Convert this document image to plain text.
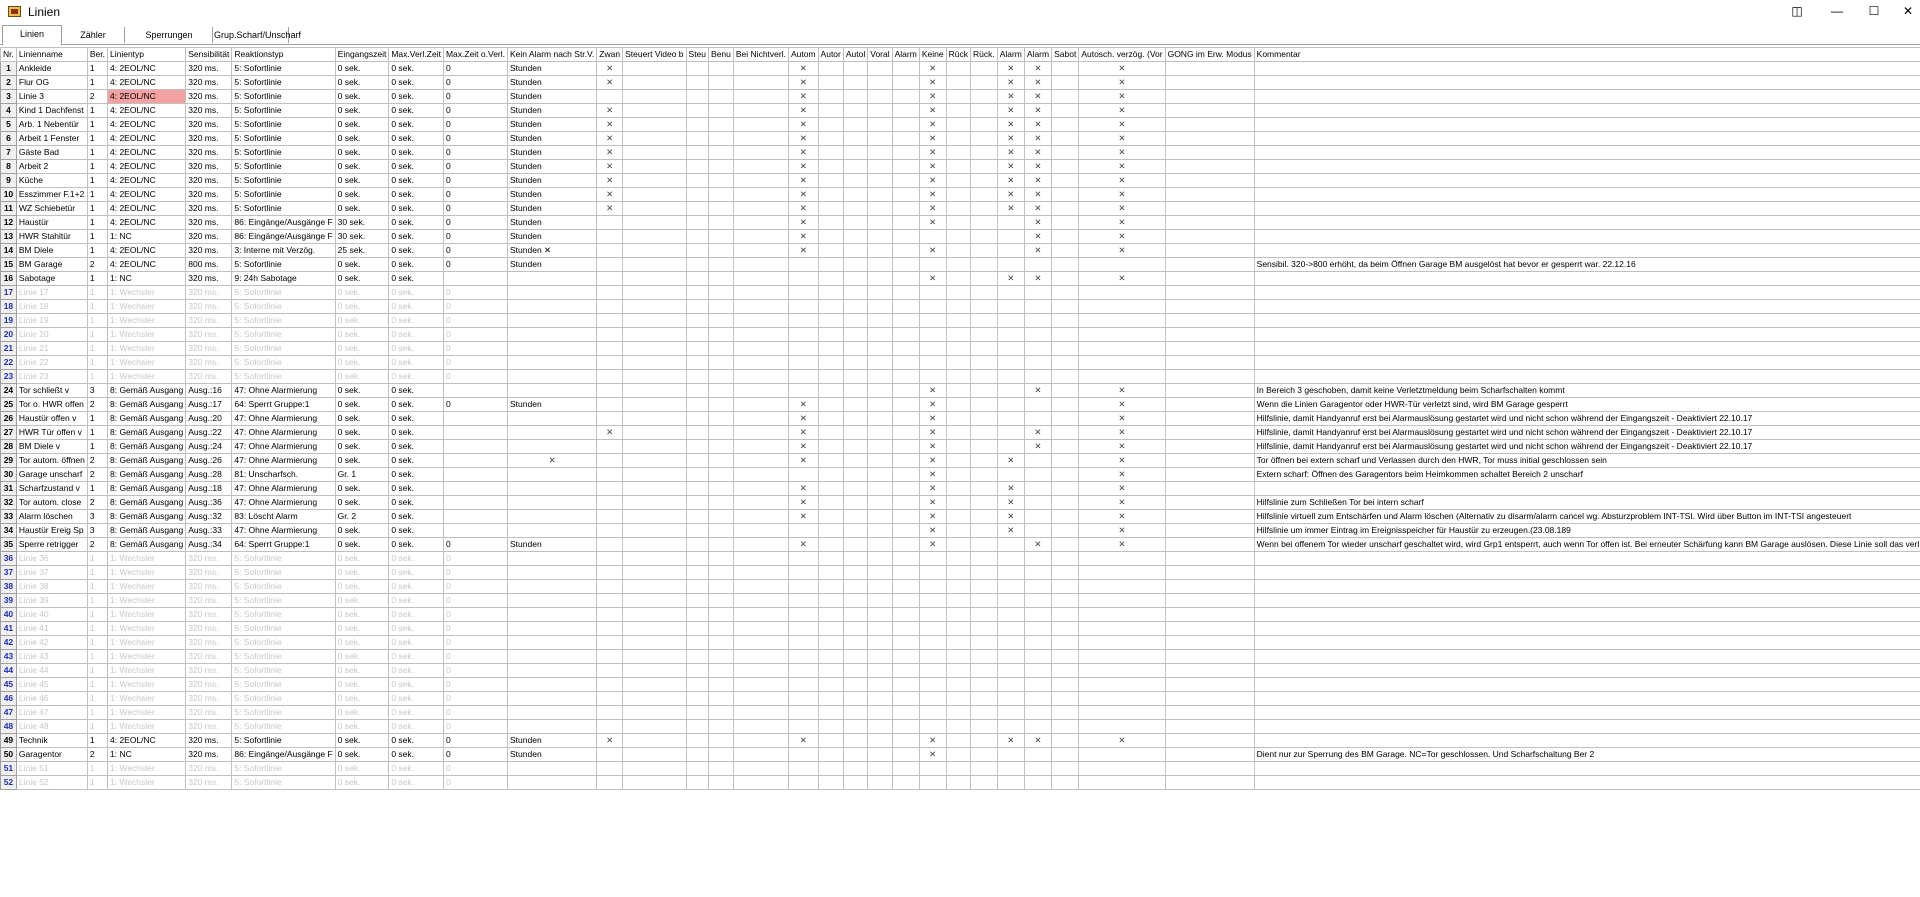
Linien	◫	—	☐	✕
Linien	Zähler	Sperrungen	Grup.Scharf/Unscharf
Nr.	Linienname	Ber.	Linientyp	Sensibilität	Reaktionstyp	Eingangszeit	Max.Verl.Zeit	Max.Zeit o.Verl.	Kein Alarm nach Str.V.	Zwan	Steuert Video b	Steu	Benu	Bei Nichtverl.	Autom	Autor	Autol	Voral	Alarm	Keine	Rück	Rück.	Alarm	Alarm	Sabot	Autosch. verzög. (Vor	GONG im Erw. Modus	Kommentar
1	Ankleide	1	4: 2EOL/NC	320 ms.	5: Sofortlinie	0 sek.	0 sek.	0	Stunden	✕					✕					✕			✕	✕		✕		
2	Flur OG	1	4: 2EOL/NC	320 ms.	5: Sofortlinie	0 sek.	0 sek.	0	Stunden	✕					✕					✕			✕	✕		✕		
3	Linie 3	2	4: 2EOL/NC	320 ms.	5: Sofortlinie	0 sek.	0 sek.	0	Stunden						✕					✕			✕	✕		✕		
4	Kind 1 Dachfenst	1	4: 2EOL/NC	320 ms.	5: Sofortlinie	0 sek.	0 sek.	0	Stunden	✕					✕					✕			✕	✕		✕		
5	Arb. 1 Nebentür	1	4: 2EOL/NC	320 ms.	5: Sofortlinie	0 sek.	0 sek.	0	Stunden	✕					✕					✕			✕	✕		✕		
6	Arbeit 1 Fenster	1	4: 2EOL/NC	320 ms.	5: Sofortlinie	0 sek.	0 sek.	0	Stunden	✕					✕					✕			✕	✕		✕		
7	Gäste Bad	1	4: 2EOL/NC	320 ms.	5: Sofortlinie	0 sek.	0 sek.	0	Stunden	✕					✕					✕			✕	✕		✕		
8	Arbeit 2	1	4: 2EOL/NC	320 ms.	5: Sofortlinie	0 sek.	0 sek.	0	Stunden	✕					✕					✕			✕	✕		✕		
9	Küche	1	4: 2EOL/NC	320 ms.	5: Sofortlinie	0 sek.	0 sek.	0	Stunden	✕					✕					✕			✕	✕		✕		
10	Esszimmer F.1+2	1	4: 2EOL/NC	320 ms.	5: Sofortlinie	0 sek.	0 sek.	0	Stunden	✕					✕					✕			✕	✕		✕		
11	WZ Schiebetür	1	4: 2EOL/NC	320 ms.	5: Sofortlinie	0 sek.	0 sek.	0	Stunden	✕					✕					✕			✕	✕		✕		
12	Haustür	1	4: 2EOL/NC	320 ms.	86: Eingänge/Ausgänge F	30 sek.	0 sek.	0	Stunden						✕					✕				✕		✕		
13	HWR Stahltür	1	1: NC	320 ms.	86: Eingänge/Ausgänge F	30 sek.	0 sek.	0	Stunden						✕									✕		✕		
14	BM Diele	1	4: 2EOL/NC	320 ms.	3: Interne mit Verzög.	25 sek.	0 sek.	0	Stunden ✕						✕					✕				✕		✕		
15	BM Garage	2	4: 2EOL/NC	800 ms.	5: Sofortlinie	0 sek.	0 sek.	0	Stunden																			Sensibil. 320->800 erhöht, da beim Öffnen Garage BM ausgelöst hat bevor er gesperrt war. 22.12.16
16	Sabotage	1	1: NC	320 ms.	9: 24h Sabotage	0 sek.	0 sek.													✕			✕	✕		✕		
17	Linie 17	1	1: Wechsler	320 ms.	5: Sofortlinie	0 sek.	0 sek.	0																				
18	Linie 18	1	1: Wechsler	320 ms.	5: Sofortlinie	0 sek.	0 sek.	0																				
19	Linie 19	1	1: Wechsler	320 ms.	5: Sofortlinie	0 sek.	0 sek.	0																				
20	Linie 20	1	1: Wechsler	320 ms.	5: Sofortlinie	0 sek.	0 sek.	0																				
21	Linie 21	1	1: Wechsler	320 ms.	5: Sofortlinie	0 sek.	0 sek.	0																				
22	Linie 22	1	1: Wechsler	320 ms.	5: Sofortlinie	0 sek.	0 sek.	0																				
23	Linie 23	1	1: Wechsler	320 ms.	5: Sofortlinie	0 sek.	0 sek.	0																				
24	Tor schließt v	3	8: Gemäß Ausgang	Ausg.:16	47: Ohne Alarmierung	0 sek.	0 sek.													✕				✕		✕		In Bereich 3 geschoben, damit keine Verletztmeldung beim Scharfschalten kommt
25	Tor o. HWR offen	2	8: Gemäß Ausgang	Ausg.:17	64: Sperrt Gruppe:1	0 sek.	0 sek.	0	Stunden						✕					✕						✕		Wenn die Linien Garagentor oder HWR-Tür verletzt sind, wird BM Garage gesperrt
26	Haustür offen v	1	8: Gemäß Ausgang	Ausg.:20	47: Ohne Alarmierung	0 sek.	0 sek.								✕					✕						✕		Hilfslinie, damit Handyanruf erst bei Alarmauslösung gestartet wird und nicht schon während der Eingangszeit - Deaktiviert 22.10.17
27	HWR Tür offen v	1	8: Gemäß Ausgang	Ausg.:22	47: Ohne Alarmierung	0 sek.	0 sek.			✕					✕					✕				✕		✕		Hilfslinie, damit Handyanruf erst bei Alarmauslösung gestartet wird und nicht schon während der Eingangszeit - Deaktiviert 22.10.17
28	BM Diele v	1	8: Gemäß Ausgang	Ausg.:24	47: Ohne Alarmierung	0 sek.	0 sek.								✕					✕				✕		✕		Hilfslinie, damit Handyanruf erst bei Alarmauslösung gestartet wird und nicht schon während der Eingangszeit - Deaktiviert 22.10.17
29	Tor autom. öffnen	2	8: Gemäß Ausgang	Ausg.:26	47: Ohne Alarmierung	0 sek.	0 sek.		✕						✕					✕			✕			✕		Tor öffnen bei extern scharf und Verlassen durch den HWR, Tor muss initial geschlossen sein
30	Garage unscharf	2	8: Gemäß Ausgang	Ausg.:28	81: Unscharfsch.	Gr. 1	0 sek.													✕						✕		Extern scharf: Öffnen des Garagentors beim Heimkommen schaltet Bereich 2 unscharf
31	Scharfzustand v	1	8: Gemäß Ausgang	Ausg.:18	47: Ohne Alarmierung	0 sek.	0 sek.								✕					✕			✕			✕		
32	Tor autom. close	2	8: Gemäß Ausgang	Ausg.:36	47: Ohne Alarmierung	0 sek.	0 sek.								✕					✕			✕			✕		Hilfslinie zum Schließen Tor bei intern scharf
33	Alarm löschen	3	8: Gemäß Ausgang	Ausg.:32	83: Löscht Alarm	Gr. 2	0 sek.								✕					✕			✕			✕		Hilfslinie virtuell zum Entschärfen und Alarm löschen (Alternativ zu disarm/alarm cancel wg. Absturzproblem INT-TSI. Wird über Button im INT-TSI angesteuert
34	Haustür Ereig Sp	3	8: Gemäß Ausgang	Ausg.:33	47: Ohne Alarmierung	0 sek.	0 sek.													✕			✕			✕		Hilfslinie um immer Eintrag im Ereignisspeicher für Haustür zu erzeugen.(23.08.189
35	Sperre retrigger	2	8: Gemäß Ausgang	Ausg.:34	64: Sperrt Gruppe:1	0 sek.	0 sek.	0	Stunden						✕					✕				✕		✕		Wenn bei offenem Tor wieder unscharf geschaltet wird, wird Grp1 entsperrt, auch wenn Tor offen ist. Bei erneuter Schärfung kann BM Garage auslösen. Diese Linie soll das verl
36	Linie 36	1	1: Wechsler	320 ms.	5: Sofortlinie	0 sek.	0 sek.	0																				
37	Linie 37	1	1: Wechsler	320 ms.	5: Sofortlinie	0 sek.	0 sek.	0																				
38	Linie 38	1	1: Wechsler	320 ms.	5: Sofortlinie	0 sek.	0 sek.	0																				
39	Linie 39	1	1: Wechsler	320 ms.	5: Sofortlinie	0 sek.	0 sek.	0																				
40	Linie 40	1	1: Wechsler	320 ms.	5: Sofortlinie	0 sek.	0 sek.	0																				
41	Linie 41	1	1: Wechsler	320 ms.	5: Sofortlinie	0 sek.	0 sek.	0																				
42	Linie 42	1	1: Wechsler	320 ms.	5: Sofortlinie	0 sek.	0 sek.	0																				
43	Linie 43	1	1: Wechsler	320 ms.	5: Sofortlinie	0 sek.	0 sek.	0																				
44	Linie 44	1	1: Wechsler	320 ms.	5: Sofortlinie	0 sek.	0 sek.	0																				
45	Linie 45	1	1: Wechsler	320 ms.	5: Sofortlinie	0 sek.	0 sek.	0																				
46	Linie 46	1	1: Wechsler	320 ms.	5: Sofortlinie	0 sek.	0 sek.	0																				
47	Linie 47	1	1: Wechsler	320 ms.	5: Sofortlinie	0 sek.	0 sek.	0																				
48	Linie 48	1	1: Wechsler	320 ms.	5: Sofortlinie	0 sek.	0 sek.	0																				
49	Technik	1	4: 2EOL/NC	320 ms.	5: Sofortlinie	0 sek.	0 sek.	0	Stunden	✕					✕					✕			✕	✕		✕		
50	Garagentor	2	1: NC	320 ms.	86: Eingänge/Ausgänge F	0 sek.	0 sek.	0	Stunden											✕								Dient nur zur Sperrung des BM Garage. NC=Tor geschlossen. Und Scharfschaltung Ber 2
51	Linie 51	1	1: Wechsler	320 ms.	5: Sofortlinie	0 sek.	0 sek.	0																				
52	Linie 52	1	1: Wechsler	320 ms.	5: Sofortlinie	0 sek.	0 sek.	0																				
